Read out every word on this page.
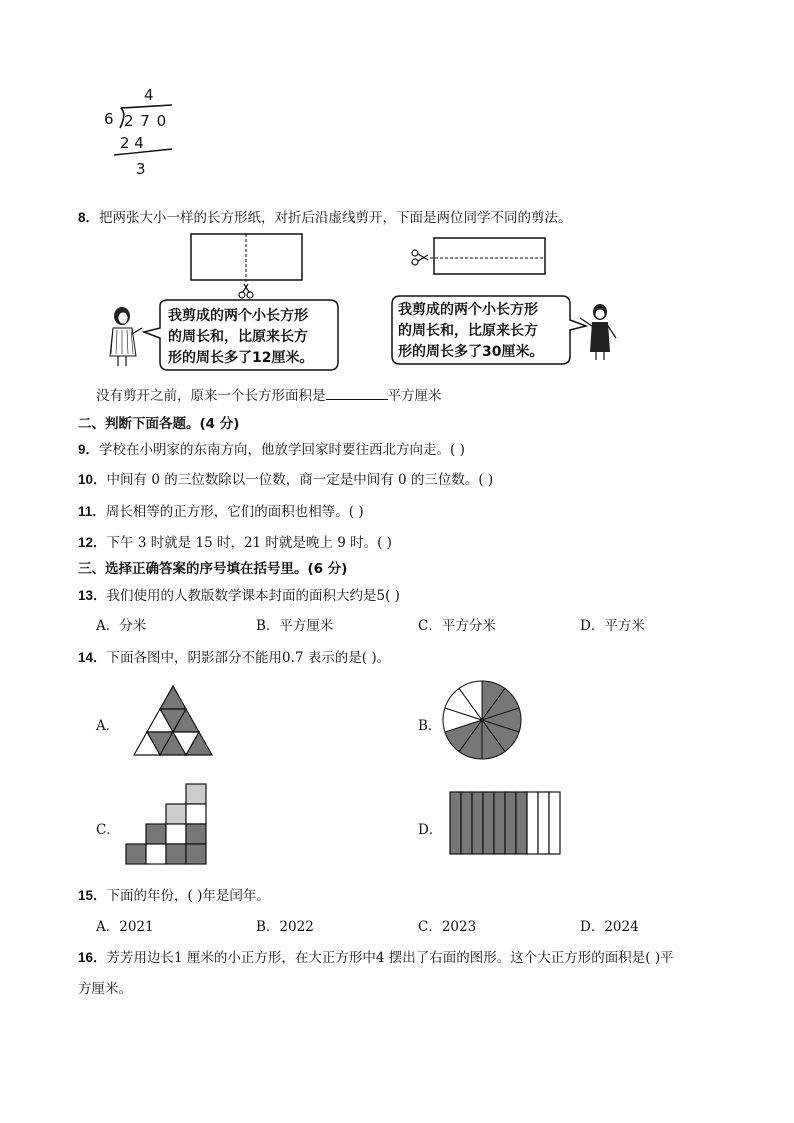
4
6 2 7 0
2 4
3
8．把两张大小一样的长方形纸，对折后沿虚线剪开，下面是两位同学不同的剪法。
我剪成的两个小长方形
的周长和，比原来长方
形的周长多了12厘米。
我剪成的两个小长方形
的周长和，比原来长方
形的周长多了30厘米。
没有剪开之前，原来一个长方形面积是	平方厘米
二、判断下面各题。(4 分)
9．学校在小明家的东南方向，他放学回家时要往西北方向走。( )
10．中间有 0 的三位数除以一位数，商一定是中间有 0 的三位数。( )
11．周长相等的正方形，它们的面积也相等。( )
12．下午 3 时就是 15 时，21 时就是晚上 9 时。( )
三、选择正确答案的序号填在括号里。(6 分)
13．我们使用的人教版数学课本封面的面积大约是5( )
A．分米	B．平方厘米	C．平方分米	D．平方米
14．下面各图中，阴影部分不能用0.7 表示的是( )。
A．	B．
C．	D．
15．下面的年份，( )年是闰年。
A．2021	B．2022	C．2023	D．2024
16．芳芳用边长1 厘米的小正方形，在大正方形中4 摆出了右面的图形。这个大正方形的面积是( )平
方厘米。
